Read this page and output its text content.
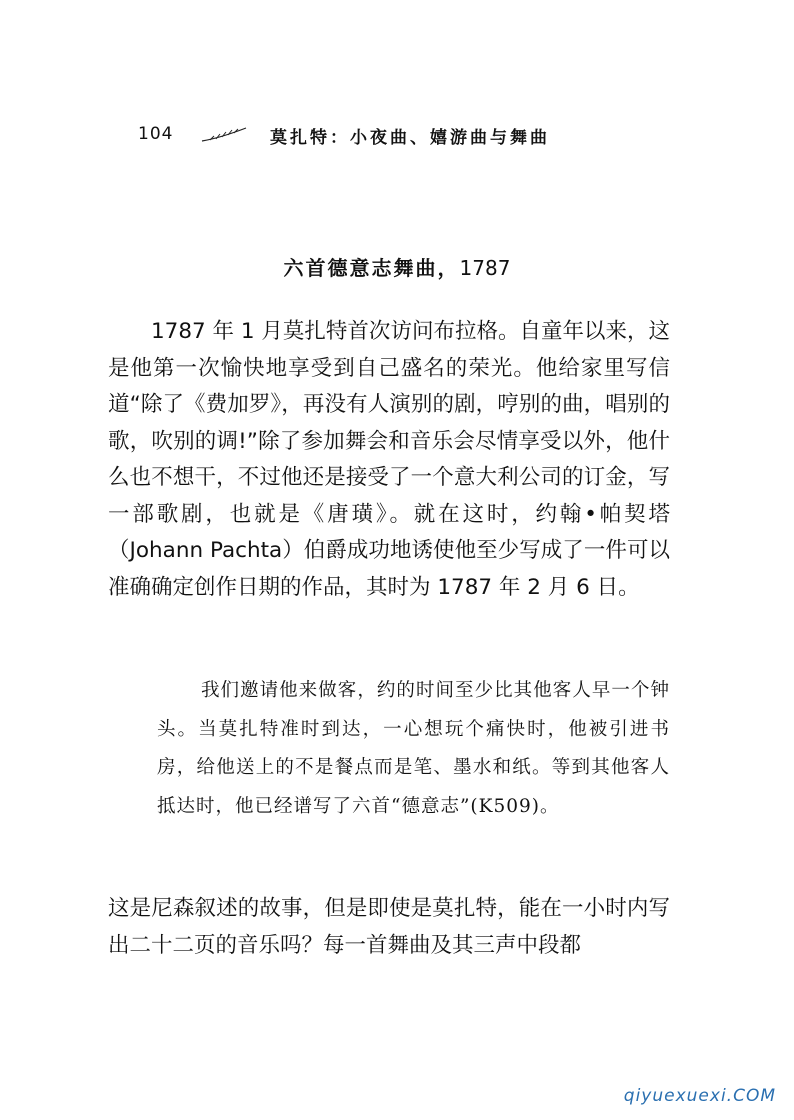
104	莫扎特：小夜曲、嬉游曲与舞曲
六首德意志舞曲，1787

1787 年 1 月莫扎特首次访问布拉格。自童年以来，这是他第一次愉快地享受到自己盛名的荣光。他给家里写信道“除了《费加罗》，再没有人演别的剧，哼别的曲，唱别的歌，吹别的调!”除了参加舞会和音乐会尽情享受以外，他什么也不想干，不过他还是接受了一个意大利公司的订金，写一部歌剧，也就是《唐璜》。就在这时，约翰•帕契塔（Johann Pachta）伯爵成功地诱使他至少写成了一件可以准确确定创作日期的作品，其时为 1787 年 2 月 6 日。

我们邀请他来做客，约的时间至少比其他客人早一个钟头。当莫扎特准时到达，一心想玩个痛快时，他被引进书房，给他送上的不是餐点而是笔、墨水和纸。等到其他客人抵达时，他已经谱写了六首“德意志”(K509)。

这是尼森叙述的故事，但是即使是莫扎特，能在一小时内写出二十二页的音乐吗？每一首舞曲及其三声中段都

qiyuexuexi.COM
